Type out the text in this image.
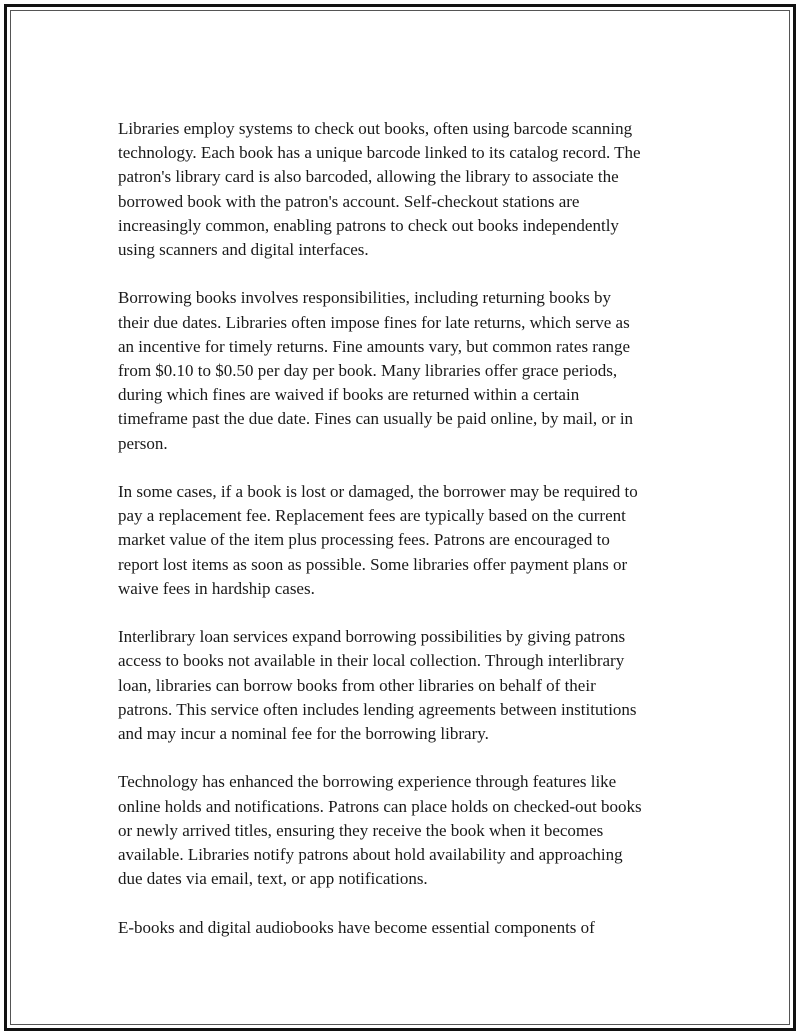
Libraries employ systems to check out books, often using barcode scanning
technology. Each book has a unique barcode linked to its catalog record. The
patron's library card is also barcoded, allowing the library to associate the
borrowed book with the patron's account. Self-checkout stations are
increasingly common, enabling patrons to check out books independently
using scanners and digital interfaces.

Borrowing books involves responsibilities, including returning books by
their due dates. Libraries often impose fines for late returns, which serve as
an incentive for timely returns. Fine amounts vary, but common rates range
from $0.10 to $0.50 per day per book. Many libraries offer grace periods,
during which fines are waived if books are returned within a certain
timeframe past the due date. Fines can usually be paid online, by mail, or in
person.

In some cases, if a book is lost or damaged, the borrower may be required to
pay a replacement fee. Replacement fees are typically based on the current
market value of the item plus processing fees. Patrons are encouraged to
report lost items as soon as possible. Some libraries offer payment plans or
waive fees in hardship cases.

Interlibrary loan services expand borrowing possibilities by giving patrons
access to books not available in their local collection. Through interlibrary
loan, libraries can borrow books from other libraries on behalf of their
patrons. This service often includes lending agreements between institutions
and may incur a nominal fee for the borrowing library.

Technology has enhanced the borrowing experience through features like
online holds and notifications. Patrons can place holds on checked-out books
or newly arrived titles, ensuring they receive the book when it becomes
available. Libraries notify patrons about hold availability and approaching
due dates via email, text, or app notifications.

E-books and digital audiobooks have become essential components of
